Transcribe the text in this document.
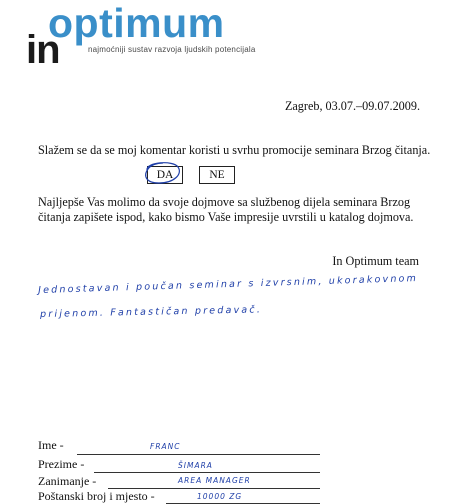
optimum
in	najmoćniji sustav razvoja ljudskih potencijala
Zagreb, 03.07.–09.07.2009.
Slažem se da se moj komentar koristi u svrhu promocije seminara Brzog čitanja.
DA	NE
Najljepše Vas molimo da svoje dojmove sa službenog dijela seminara Brzog
čitanja zapišete ispod, kako bismo Vaše impresije uvrstili u katalog dojmova.
In Optimum team
Jednostavan i poučan seminar s izvrsnim, ukorakovnom
prijenom. Fantastičan predavač.
Ime -	FRANC
Prezime -	ŠIMARA
Zanimanje -	AREA MANAGER
Poštanski broj i mjesto -	10000 ZG
